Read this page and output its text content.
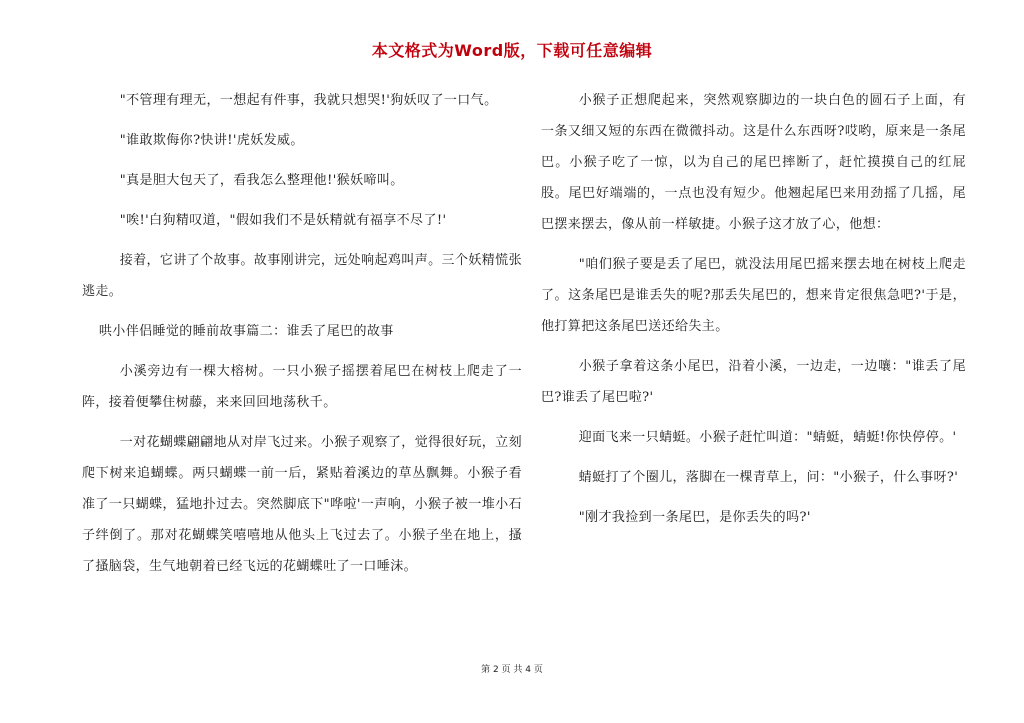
本文格式为Word版，下载可任意编辑

"不管理有理无，一想起有件事，我就只想哭!'狗妖叹了一口气。

"谁敢欺侮你?快讲!'虎妖发威。

"真是胆大包天了，看我怎么整理他!'猴妖啼叫。

"唉!'白狗精叹道，"假如我们不是妖精就有福享不尽了!'

接着，它讲了个故事。故事刚讲完，远处响起鸡叫声。三个妖精慌张逃走。

哄小伴侣睡觉的睡前故事篇二：谁丢了尾巴的故事

小溪旁边有一棵大榕树。一只小猴子摇摆着尾巴在树枝上爬走了一阵，接着便攀住树藤，来来回回地荡秋千。

一对花蝴蝶翩翩地从对岸飞过来。小猴子观察了，觉得很好玩，立刻爬下树来追蝴蝶。两只蝴蝶一前一后，紧贴着溪边的草丛飘舞。小猴子看准了一只蝴蝶，猛地扑过去。突然脚底下"哗啦'一声响，小猴子被一堆小石子绊倒了。那对花蝴蝶笑嘻嘻地从他头上飞过去了。小猴子坐在地上，搔了搔脑袋，生气地朝着已经飞远的花蝴蝶吐了一口唾沫。

小猴子正想爬起来，突然观察脚边的一块白色的圆石子上面，有一条又细又短的东西在微微抖动。这是什么东西呀?哎哟，原来是一条尾巴。小猴子吃了一惊，以为自己的尾巴摔断了，赶忙摸摸自己的红屁股。尾巴好端端的，一点也没有短少。他翘起尾巴来用劲摇了几摇，尾巴摆来摆去，像从前一样敏捷。小猴子这才放了心，他想：

"咱们猴子要是丢了尾巴，就没法用尾巴摇来摆去地在树枝上爬走了。这条尾巴是谁丢失的呢?那丢失尾巴的，想来肯定很焦急吧?'于是，他打算把这条尾巴送还给失主。

小猴子拿着这条小尾巴，沿着小溪，一边走，一边嚷："谁丢了尾巴?谁丢了尾巴啦?'

迎面飞来一只蜻蜓。小猴子赶忙叫道："蜻蜓，蜻蜓!你快停停。'

蜻蜓打了个圈儿，落脚在一棵青草上，问："小猴子，什么事呀?'

"刚才我捡到一条尾巴，是你丢失的吗?'

第 2 页 共 4 页
